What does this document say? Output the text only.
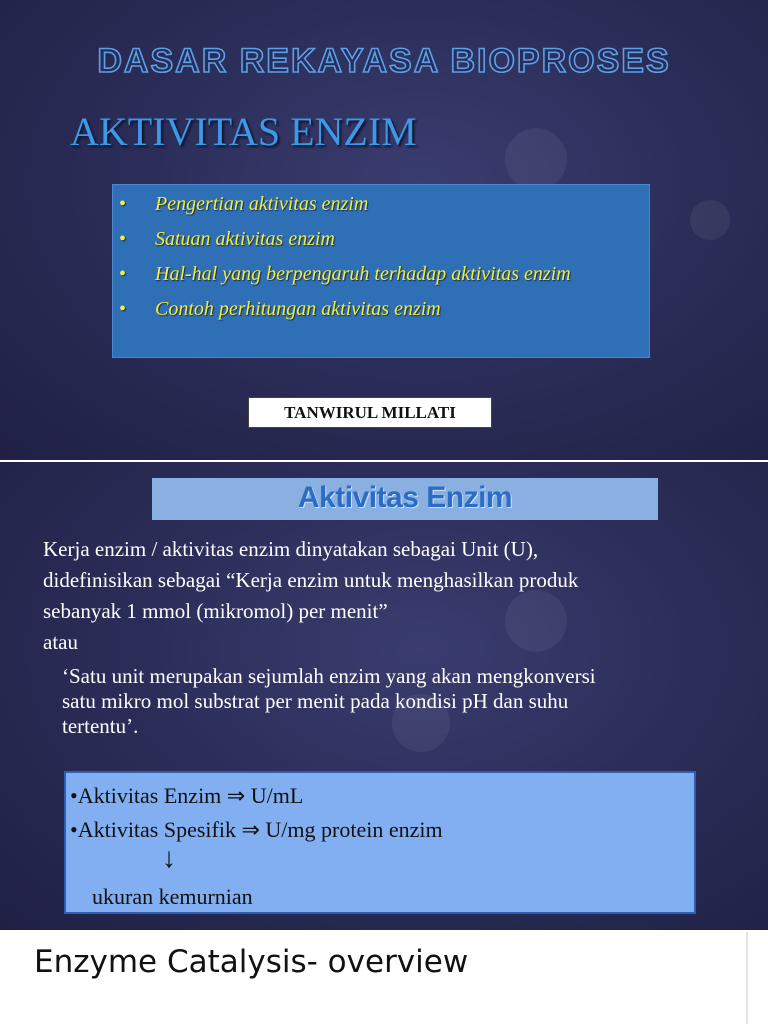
DASAR REKAYASA BIOPROSES
AKTIVITAS ENZIM
• Pengertian aktivitas enzim
• Satuan aktivitas enzim
• Hal-hal yang berpengaruh terhadap aktivitas enzim
• Contoh perhitungan aktivitas enzim
TANWIRUL MILLATI
Aktivitas Enzim
Kerja enzim / aktivitas enzim dinyatakan sebagai Unit (U),
didefinisikan sebagai “Kerja enzim untuk menghasilkan produk
sebanyak 1 mmol (mikromol) per menit”
atau
‘Satu unit merupakan sejumlah enzim yang akan mengkonversi
satu mikro mol substrat per menit pada kondisi pH dan suhu
tertentu’.
•Aktivitas Enzim ⇒ U/mL
•Aktivitas Spesifik ⇒ U/mg protein enzim
↓
ukuran kemurnian
Enzyme Catalysis- overview
